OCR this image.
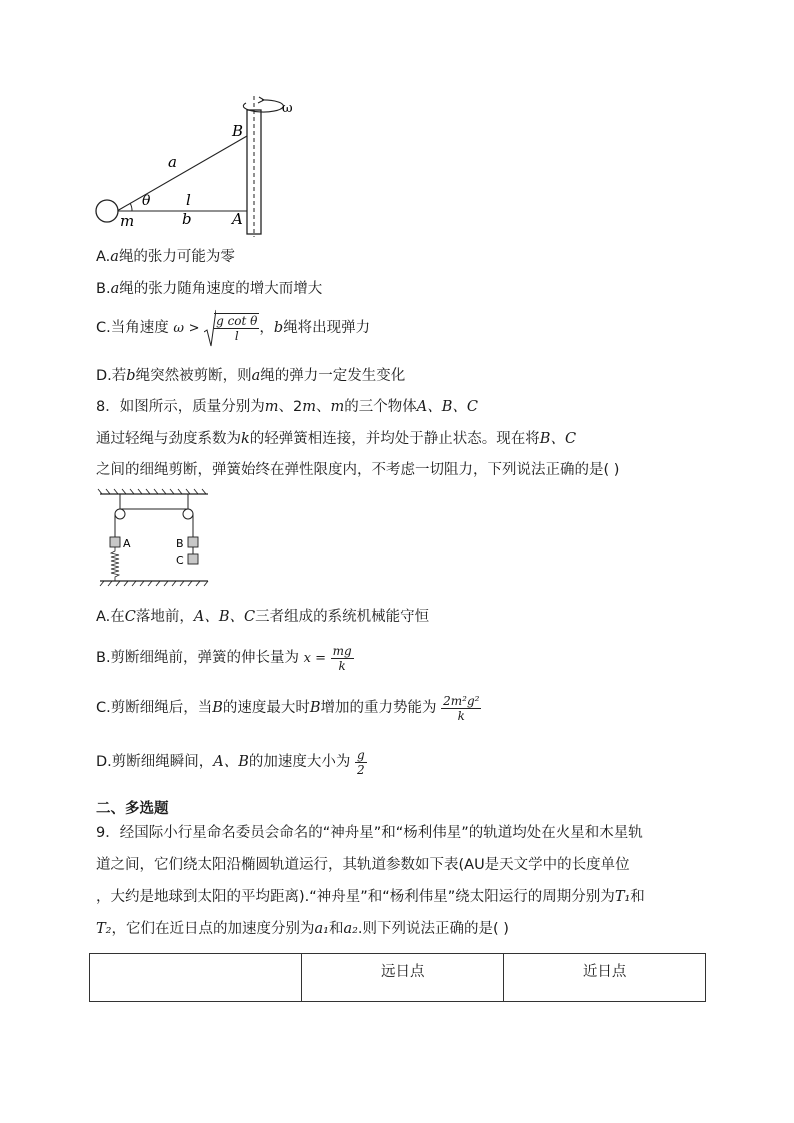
ω
B
A
a
l
θ
b
m
A.a绳的张力可能为零
B.a绳的张力随角速度的增大而增大
C.当角速度 $\omega > \frac{\text{g cot θ}}{l}$ ，b绳将出现弹力
D.若b绳突然被剪断，则a绳的弹力一定发生变化
8．如图所示，质量分别为m、2m、m的三个物体A、B、C
通过轻绳与劲度系数为k的轻弹簧相连接，并均处于静止状态。现在将B、C
之间的细绳剪断，弹簧始终在弹性限度内，不考虑一切阻力，下列说法正确的是( )
A	B
C
A.在C落地前，A、B、C三者组成的系统机械能守恒
B.剪断细绳前，弹簧的伸长量为 $x = \frac{mg}{k}$
C.剪断细绳后，当B的速度最大时B增加的重力势能为 $\frac{\text{2m²g²}}{k}$
D.剪断细绳瞬间，A、B的加速度大小为 $\frac{g}{2}$
二、多选题
9．经国际小行星命名委员会命名的“神舟星”和“杨利伟星”的轨道均处在火星和木星轨
道之间，它们绕太阳沿椭圆轨道运行，其轨道参数如下表(AU是天文学中的长度单位
，大约是地球到太阳的平均距离).“神舟星”和“杨利伟星”绕太阳运行的周期分别为T₁和
T₂，它们在近日点的加速度分别为a₁和a₂.则下列说法正确的是( )
	远日点	近日点
